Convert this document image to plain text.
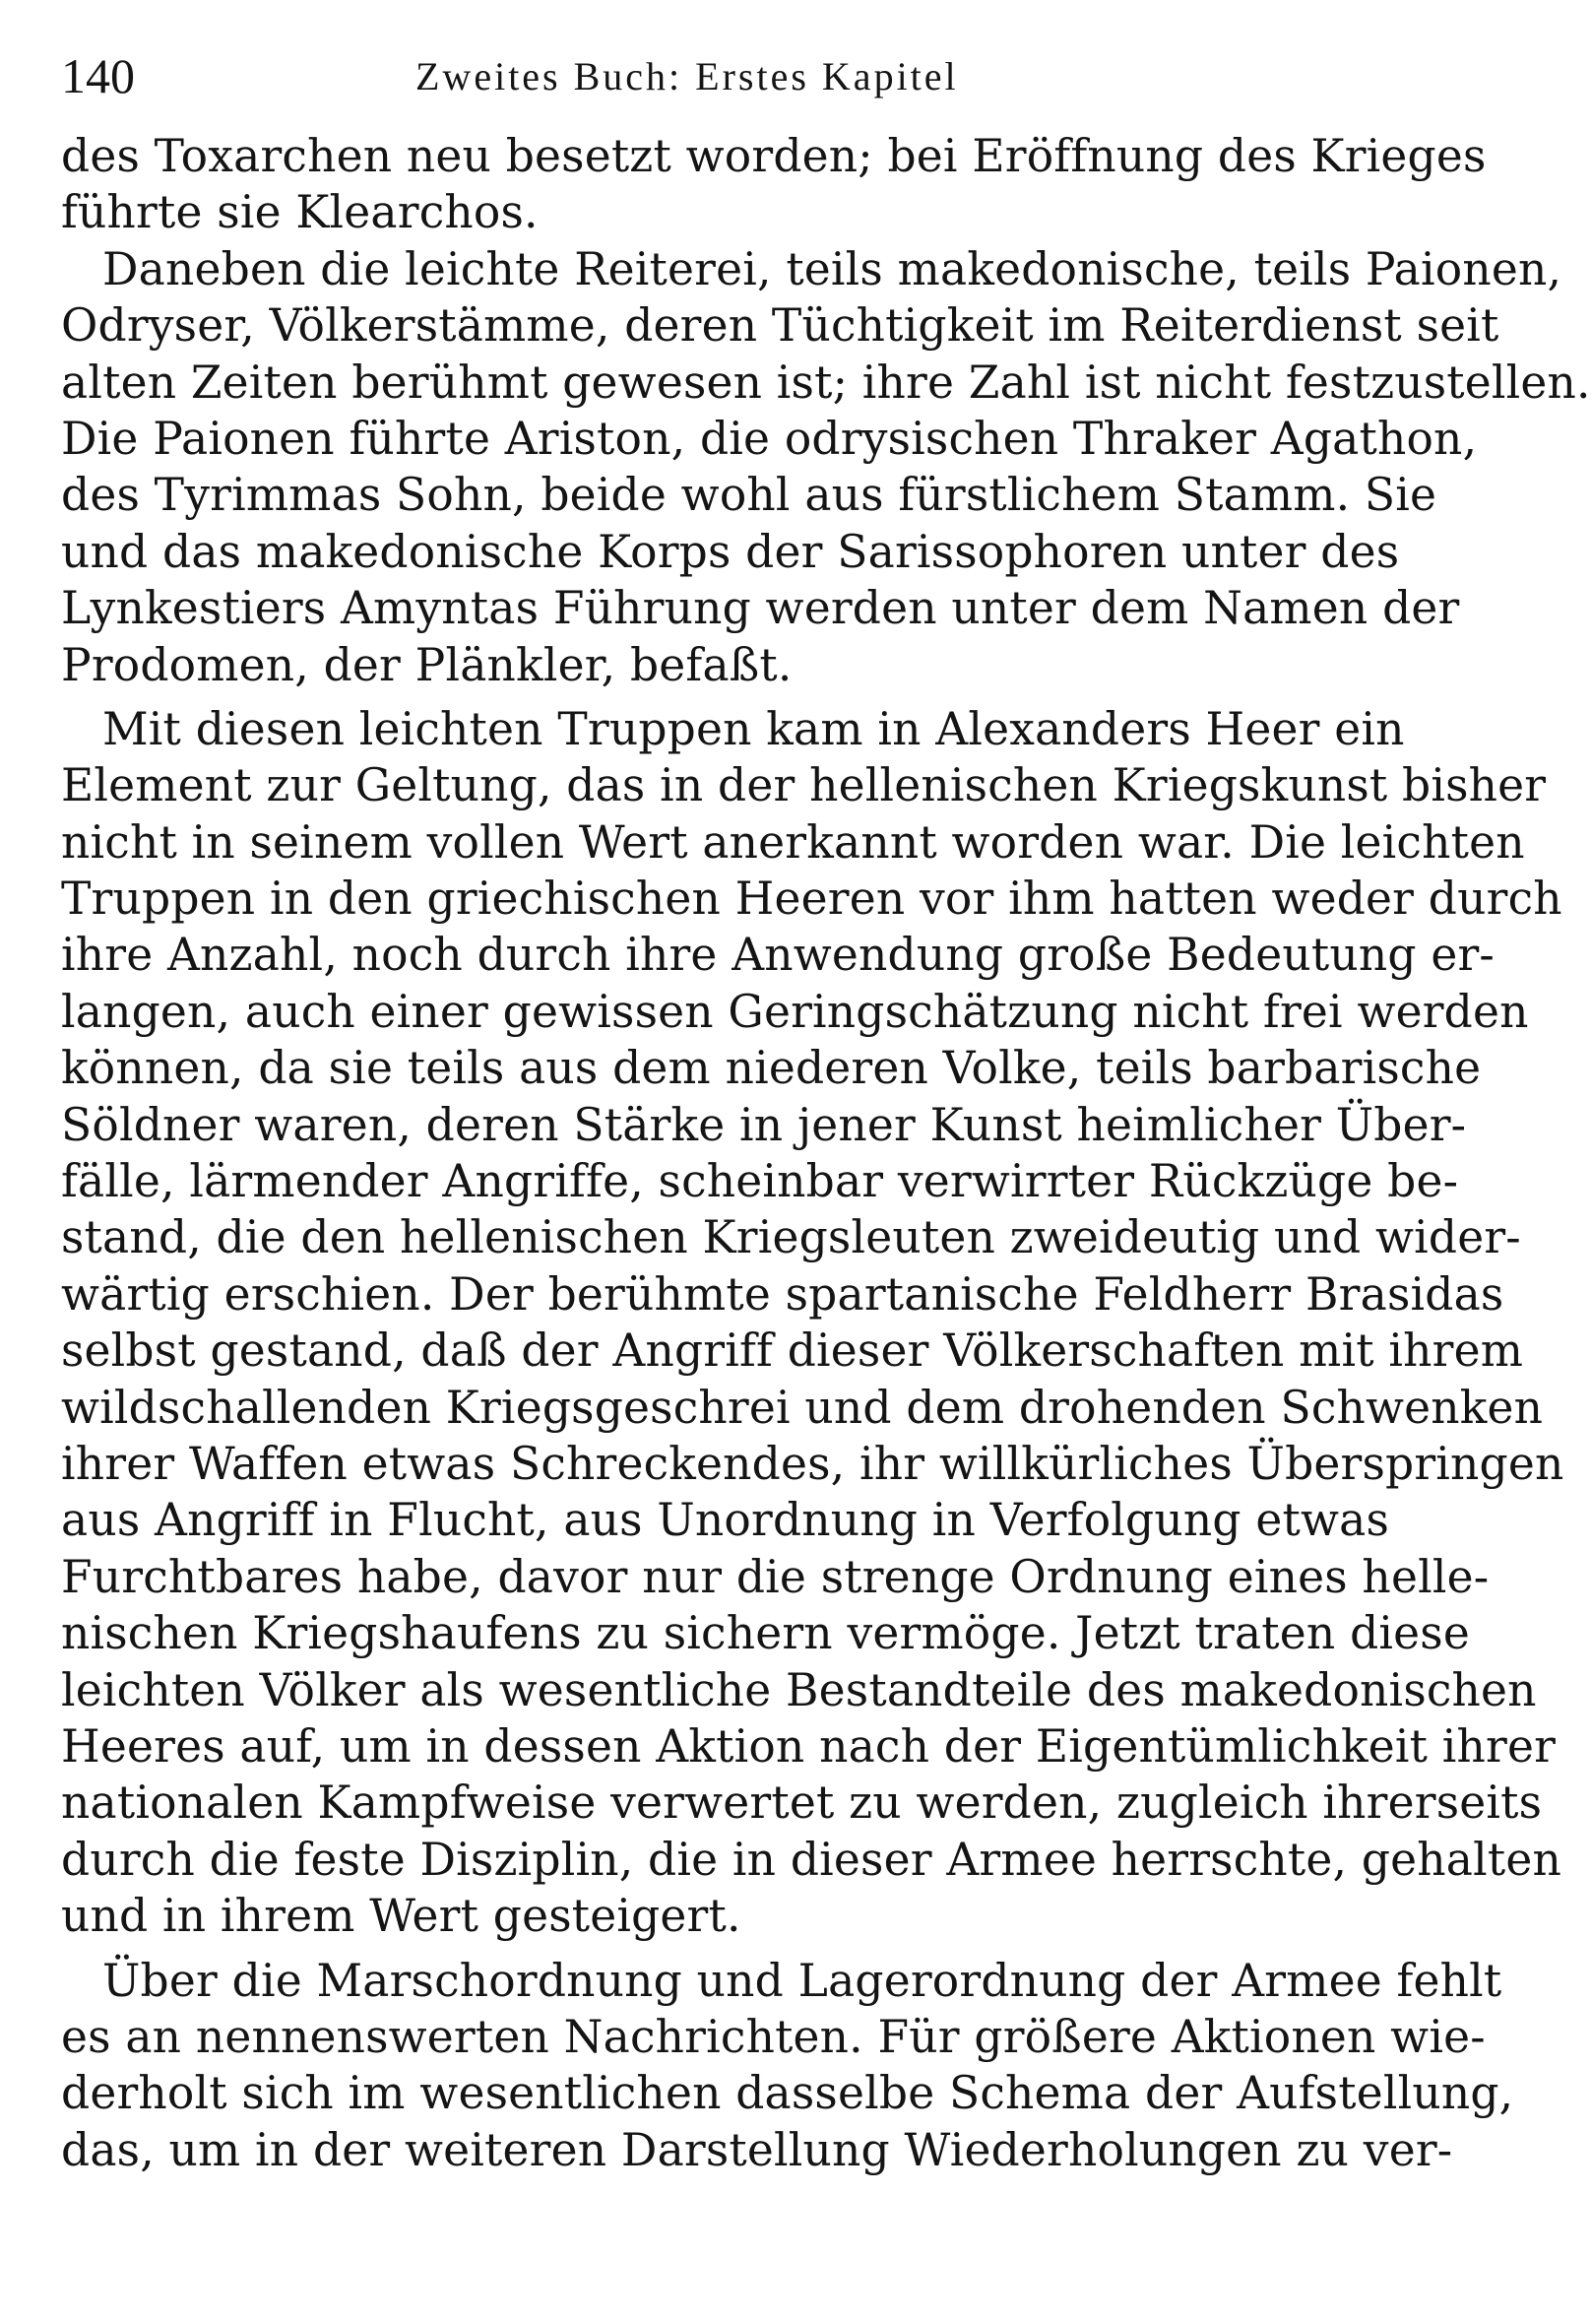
140	Zweites Buch: Erstes Kapitel
des Toxarchen neu besetzt worden; bei Eröffnung des Krieges
führte sie Klearchos.
Daneben die leichte Reiterei, teils makedonische, teils Paionen,
Odryser, Völkerstämme, deren Tüchtigkeit im Reiterdienst seit
alten Zeiten berühmt gewesen ist; ihre Zahl ist nicht festzustellen.
Die Paionen führte Ariston, die odrysischen Thraker Agathon,
des Tyrimmas Sohn, beide wohl aus fürstlichem Stamm. Sie
und das makedonische Korps der Sarissophoren unter des
Lynkestiers Amyntas Führung werden unter dem Namen der
Prodomen, der Plänkler, befaßt.
Mit diesen leichten Truppen kam in Alexanders Heer ein
Element zur Geltung, das in der hellenischen Kriegskunst bisher
nicht in seinem vollen Wert anerkannt worden war. Die leichten
Truppen in den griechischen Heeren vor ihm hatten weder durch
ihre Anzahl, noch durch ihre Anwendung große Bedeutung er-
langen, auch einer gewissen Geringschätzung nicht frei werden
können, da sie teils aus dem niederen Volke, teils barbarische
Söldner waren, deren Stärke in jener Kunst heimlicher Über-
fälle, lärmender Angriffe, scheinbar verwirrter Rückzüge be-
stand, die den hellenischen Kriegsleuten zweideutig und wider-
wärtig erschien. Der berühmte spartanische Feldherr Brasidas
selbst gestand, daß der Angriff dieser Völkerschaften mit ihrem
wildschallenden Kriegsgeschrei und dem drohenden Schwenken
ihrer Waffen etwas Schreckendes, ihr willkürliches Überspringen
aus Angriff in Flucht, aus Unordnung in Verfolgung etwas
Furchtbares habe, davor nur die strenge Ordnung eines helle-
nischen Kriegshaufens zu sichern vermöge. Jetzt traten diese
leichten Völker als wesentliche Bestandteile des makedonischen
Heeres auf, um in dessen Aktion nach der Eigentümlichkeit ihrer
nationalen Kampfweise verwertet zu werden, zugleich ihrerseits
durch die feste Disziplin, die in dieser Armee herrschte, gehalten
und in ihrem Wert gesteigert.
Über die Marschordnung und Lagerordnung der Armee fehlt
es an nennenswerten Nachrichten. Für größere Aktionen wie-
derholt sich im wesentlichen dasselbe Schema der Aufstellung,
das, um in der weiteren Darstellung Wiederholungen zu ver-
